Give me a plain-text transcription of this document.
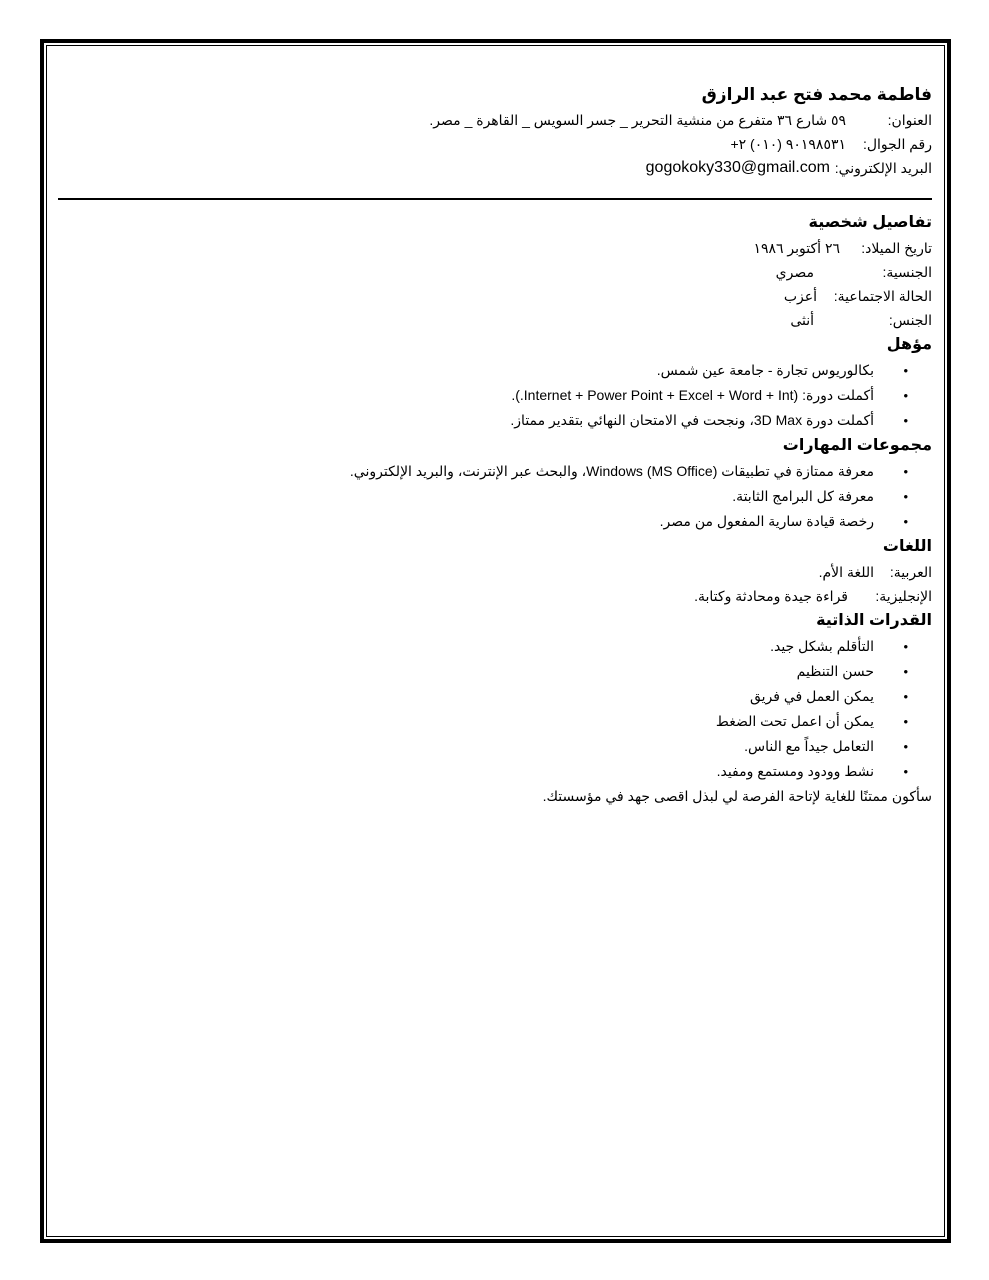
فاطمة محمد فتح عبد الرازق
العنوان:
٥٩ شارع ٣٦ متفرع من منشية التحرير _ جسر السويس _ القاهرة _ مصر.
رقم الجوال:
٩٠١٩٨٥٣١ (٠١٠) ٢+
البريد الإلكتروني:
gogokoky330@gmail.com
تفاصيل شخصية
تاريخ الميلاد:
٢٦ أكتوبر ١٩٨٦
الجنسية:
مصري
الحالة الاجتماعية:
أعزب
الجنس:
أنثى
مؤهل
• بكالوريوس تجارة - جامعة عين شمس.
• أكملت دورة: (Internet + Power Point + Excel + Word + Int.).
• أكملت دورة 3D Max، ونجحت في الامتحان النهائي بتقدير ممتاز.
مجموعات المهارات
• معرفة ممتازة في تطبيقات Windows (MS Office)، والبحث عبر الإنترنت، والبريد الإلكتروني.
• معرفة كل البرامج الثابتة.
• رخصة قيادة سارية المفعول من مصر.
اللغات
العربية:
اللغة الأم.
الإنجليزية:
قراءة جيدة ومحادثة وكتابة.
القدرات الذاتية
• التأقلم بشكل جيد.
• حسن التنظيم
• يمكن العمل في فريق
• يمكن أن اعمل تحت الضغط
• التعامل جيداً مع الناس.
• نشط وودود ومستمع ومفيد.
سأكون ممتنًا للغاية لإتاحة الفرصة لي لبذل اقصى جهد في مؤسستك.
